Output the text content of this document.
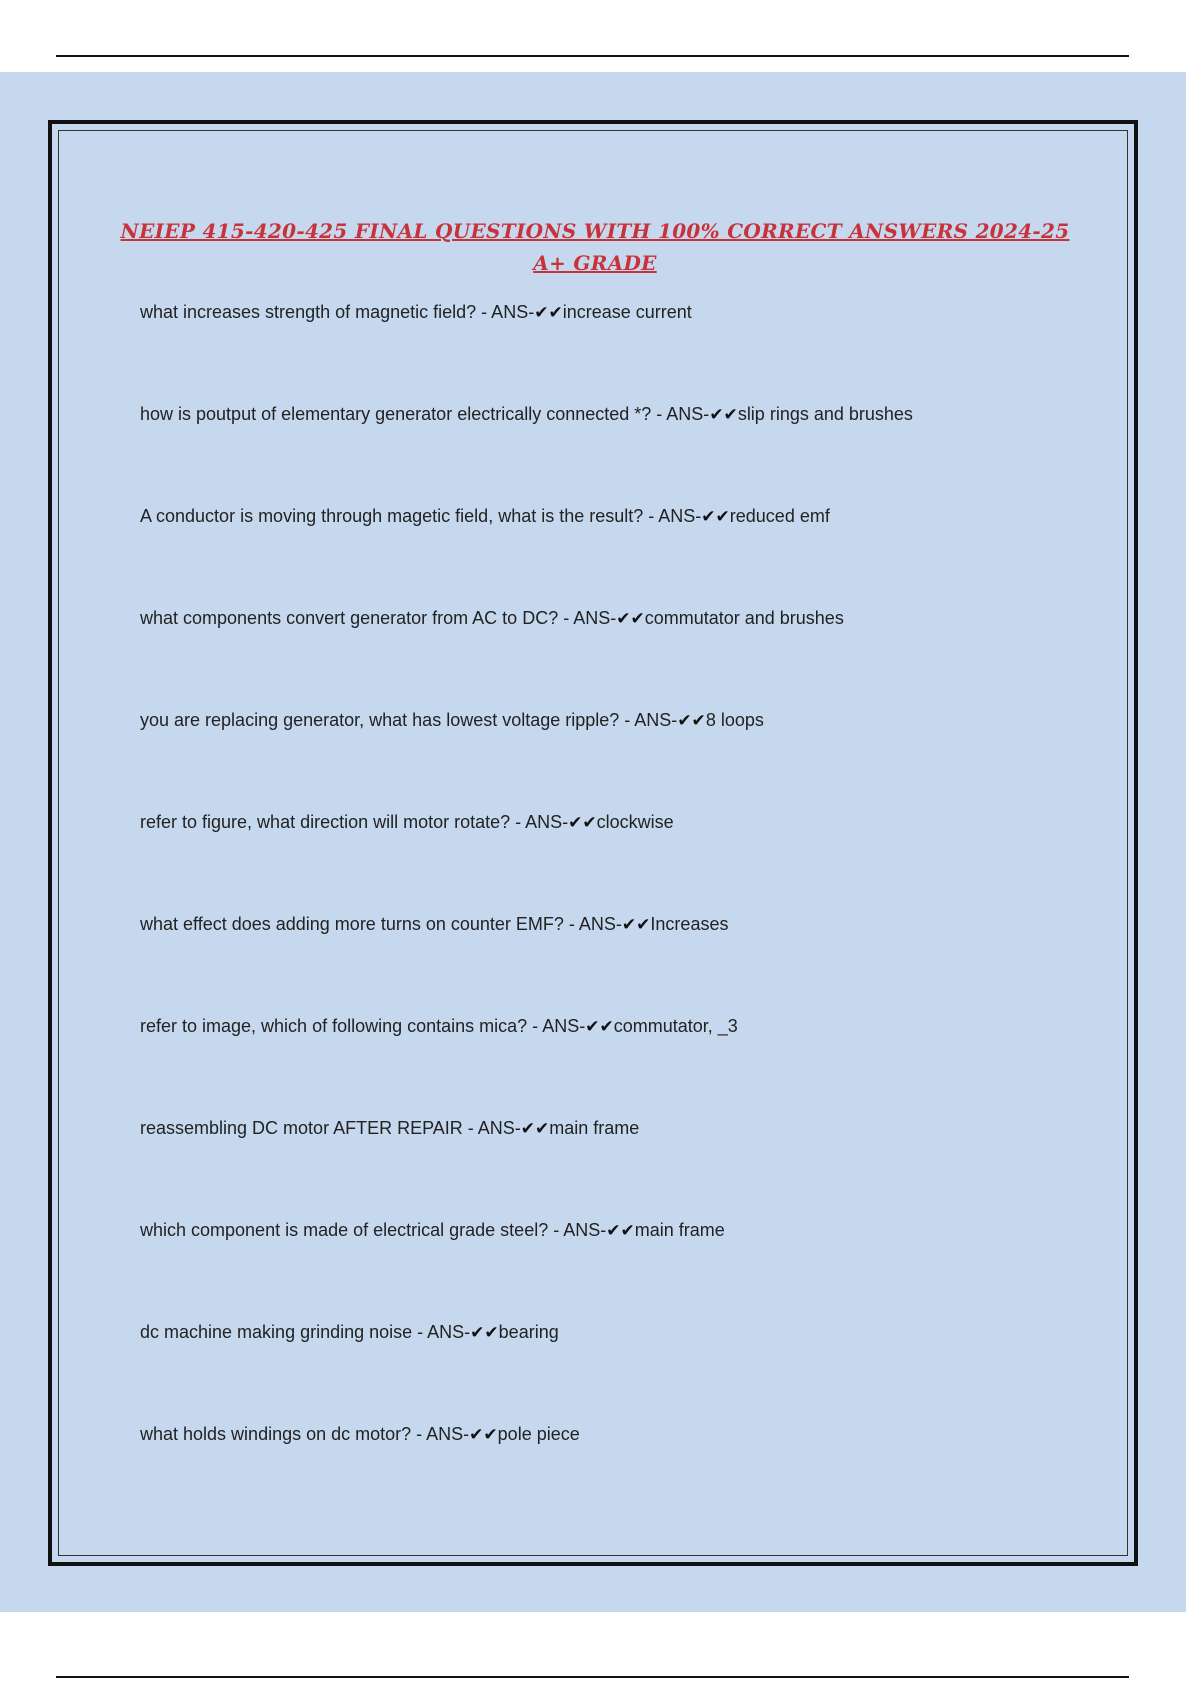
NEIEP 415-420-425 FINAL QUESTIONS WITH 100% CORRECT ANSWERS 2024-25
A+ GRADE
what increases strength of magnetic field? - ANS-✔✔increase current
how is poutput of elementary generator electrically connected *? - ANS-✔✔slip rings and brushes
A conductor is moving through magetic field, what is the result? - ANS-✔✔reduced emf
what components convert generator from AC to DC? - ANS-✔✔commutator and brushes
you are replacing generator, what has lowest voltage ripple? - ANS-✔✔8 loops
refer to figure, what direction will motor rotate? - ANS-✔✔clockwise
what effect does adding more turns on counter EMF? - ANS-✔✔Increases
refer to image, which of following contains mica? - ANS-✔✔commutator, _3
reassembling DC motor AFTER REPAIR - ANS-✔✔main frame
which component is made of electrical grade steel? - ANS-✔✔main frame
dc machine making grinding noise - ANS-✔✔bearing
what holds windings on dc motor? - ANS-✔✔pole piece
